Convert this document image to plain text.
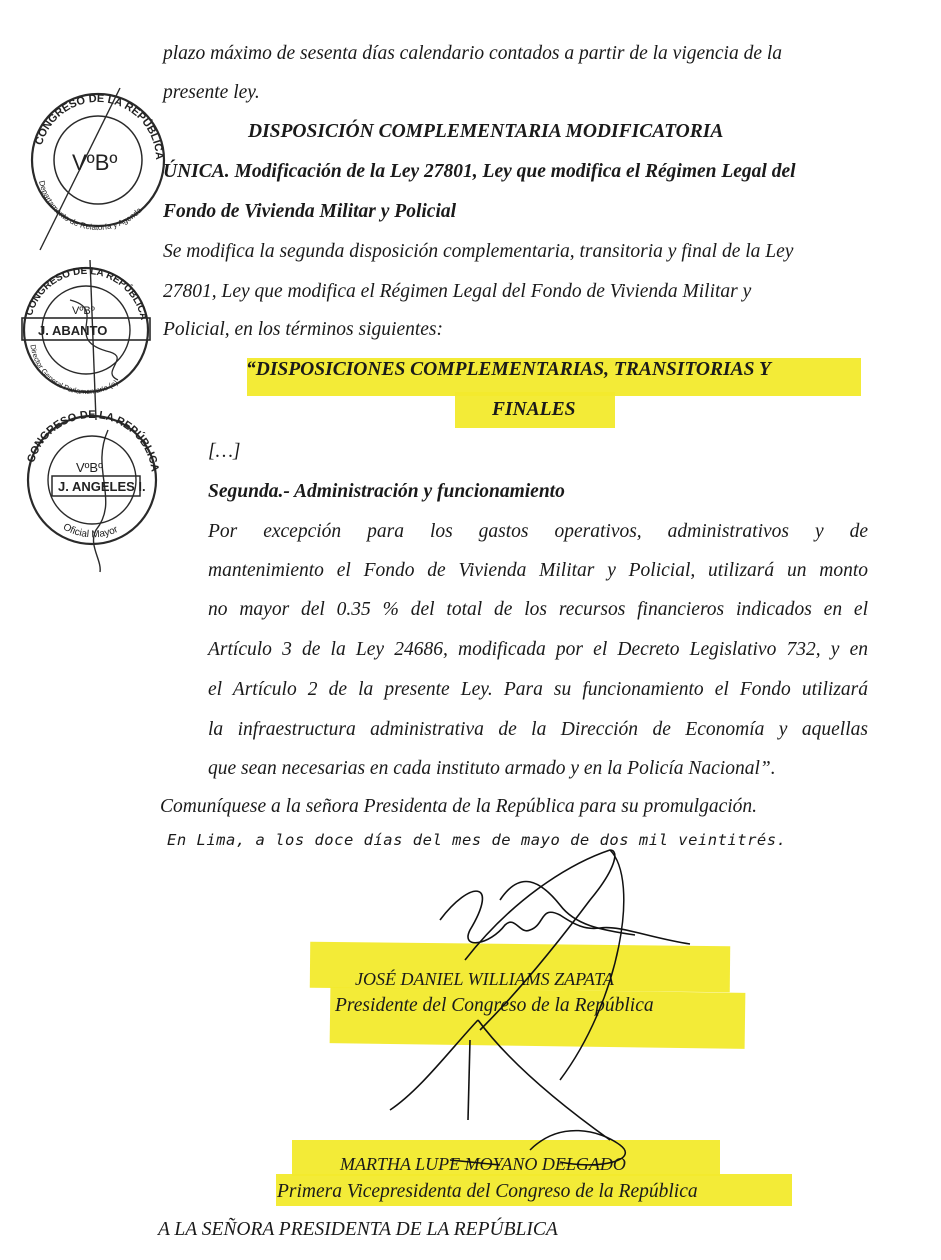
plazo máximo de sesenta días calendario contados a partir de la vigencia de la
presente ley.
DISPOSICIÓN COMPLEMENTARIA MODIFICATORIA
ÚNICA. Modificación de la Ley 27801, Ley que modifica el Régimen Legal del
Fondo de Vivienda Militar y Policial
Se modifica la segunda disposición complementaria, transitoria y final de la Ley
27801, Ley que modifica el Régimen Legal del Fondo de Vivienda Militar y
Policial, en los términos siguientes:
“DISPOSICIONES COMPLEMENTARIAS, TRANSITORIAS Y
FINALES
[…]
Segunda.- Administración y funcionamiento
Por excepción para los gastos operativos, administrativos y de
mantenimiento el Fondo de Vivienda Militar y Policial, utilizará un monto
no mayor del 0.35 % del total de los recursos financieros indicados en el
Artículo 3 de la Ley 24686, modificada por el Decreto Legislativo 732, y en
el Artículo 2 de la presente Ley. Para su funcionamiento el Fondo utilizará
la infraestructura administrativa de la Dirección de Economía y aquellas
que sean necesarias en cada instituto armado y en la Policía Nacional”.
Comuníquese a la señora Presidenta de la República para su promulgación.
En Lima, a los doce días del mes de mayo de dos mil veintitrés.
JOSÉ DANIEL WILLIAMS ZAPATA
Presidente del Congreso de la República
MARTHA LUPE MOYANO DELGADO
Primera Vicepresidenta del Congreso de la República
A LA SEÑORA PRESIDENTA DE LA REPÚBLICA
CONGRESO DE LA REPÚBLICA
Departamento de Relatoría y Agenda
VºBº
CONGRESO DE LA REPÚBLICA
Director General Parlamentario (e)
VºBº
J. ABANTO
CONGRESO DE LA REPÚBLICA
Oficial Mayor
VºBº
J. ANGELES I.
